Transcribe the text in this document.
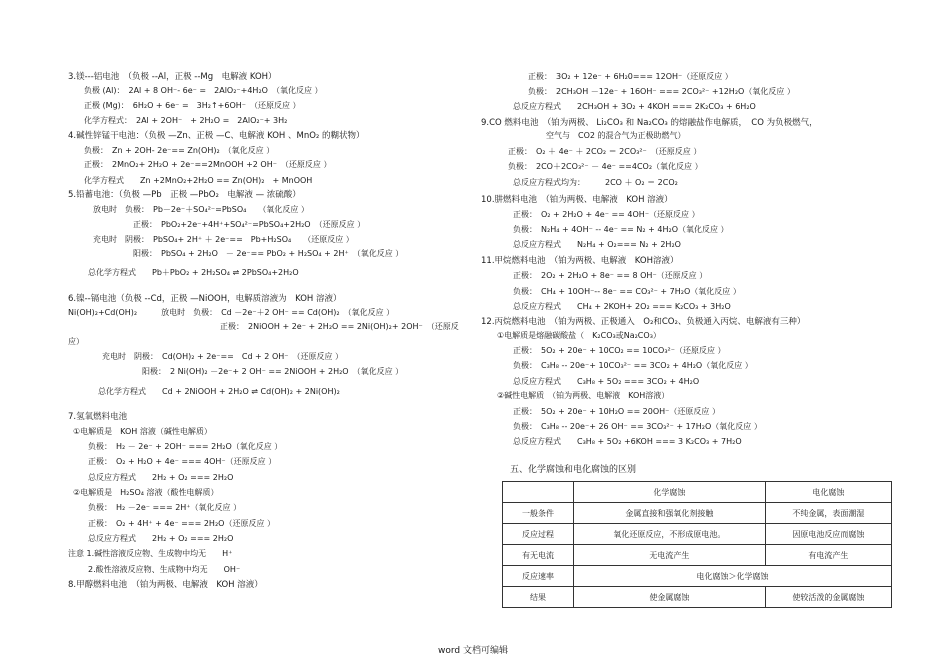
3.镁---铝电池　（负极 --Al，正极 --Mg　电解液 KOH）
负极 (Al)：　2Al + 8 OH⁻- 6e⁻ =　2AlO₂⁻+4H₂O　（氧化反应 ）
正极 (Mg)：　6H₂O + 6e⁻ =　3H₂↑+6OH⁻　（还原反应 ）
化学方程式：　2Al + 2OH⁻　+ 2H₂O =　2AlO₂⁻+ 3H₂
4.碱性锌锰干电池：（负极 —Zn、正极 —C、电解液 KOH 、MnO₂ 的糊状物）
负极：　Zn + 2OH- 2e⁻== Zn(OH)₂　（氧化反应 ）
正极：　2MnO₂+ 2H₂O + 2e⁻==2MnOOH +2 OH⁻　（还原反应 ）
化学方程式　　Zn +2MnO₂+2H₂O == Zn(OH)₂　+ MnOOH
5.铅蓄电池：（负极 —Pb　正极 —PbO₂　电解液 — 浓硫酸）
放电时　负极：　Pb－2e⁻＋SO₄²⁻=PbSO₄　　（氧化反应 ）
正极：　PbO₂+2e⁻+4H⁺+SO₄²⁻=PbSO₄+2H₂O　（还原反应 ）
充电时　阴极：　PbSO₄+ 2H⁺ ＋ 2e⁻==　Pb+H₂SO₄　　（还原反应 ）
阳极：　PbSO₄ + 2H₂O　－ 2e⁻== PbO₂ + H₂SO₄ + 2H⁺　（氧化反应 ）
总化学方程式　　Pb＋PbO₂ + 2H₂SO₄ ⇌ 2PbSO₄+2H₂O
6.镍--镉电池（负极 --Cd，正极 —NiOOH，电解质溶液为　KOH 溶液）
Ni(OH)₂+Cd(OH)₂　　　放电时　负极：　Cd －2e⁻＋2 OH⁻ == Cd(OH)₂　（氧化反应 ）
正极：　2NiOOH + 2e⁻ + 2H₂O == 2Ni(OH)₂+ 2OH⁻　（还原反
应）
充电时　阴极：　Cd(OH)₂ + 2e⁻==　Cd + 2 OH⁻　（还原反应 ）
阳极：　2 Ni(OH)₂ －2e⁻+ 2 OH⁻ == 2NiOOH + 2H₂O　（氧化反应 ）
总化学方程式　　Cd + 2NiOOH + 2H₂O ⇌ Cd(OH)₂ + 2Ni(OH)₂
7.氢氧燃料电池
①电解质是　KOH 溶液（碱性电解质）
负极：　H₂ － 2e⁻ + 2OH⁻ === 2H₂O（氧化反应 ）
正极：　O₂ + H₂O + 4e⁻ === 4OH⁻（还原反应 ）
总反应方程式　　2H₂ + O₂ === 2H₂O
②电解质是　H₂SO₄ 溶液（酸性电解质）
负极：　H₂ －2e⁻ === 2H⁺（氧化反应 ）
正极：　O₂ + 4H⁺ + 4e⁻ === 2H₂O（还原反应 ）
总反应方程式　　2H₂ + O₂ === 2H₂O
注意 1.碱性溶液反应物、生成物中均无　　H⁺
2.酸性溶液反应物、生成物中均无　　OH⁻
8.甲醇燃料电池　（铂为两极、电解液　KOH 溶液）
正极：　3O₂ + 12e⁻ + 6H₂0=== 12OH⁻（还原反应 ）
负极：　2CH₃OH －12e⁻ + 16OH⁻ === 2CO₃²⁻ +12H₂O（氧化反应 ）
总反应方程式　　2CH₃OH + 3O₂ + 4KOH === 2K₂CO₃ + 6H₂O
9.CO 燃料电池　（铂为两极、 Li₂CO₃ 和 Na₂CO₃ 的熔融盐作电解质，　CO 为负极燃气，
空气与　CO2 的混合气为正极助燃气）
正极：　O₂ ＋ 4e⁻ ＋ 2CO₂ ＝ 2CO₃²⁻　（还原反应 ）
负极：　2CO＋2CO₃²⁻ － 4e⁻ ==4CO₂（氧化反应 ）
总反应方程式均为：　　　2CO ＋ O₂ ＝ 2CO₂
10.肼燃料电池　（铂为两极、电解液　KOH 溶液）
正极：　O₂ + 2H₂O + 4e⁻ == 4OH⁻（还原反应 ）
负极：　N₂H₄ + 4OH⁻ -- 4e⁻ == N₂ + 4H₂O（氧化反应 ）
总反应方程式　　N₂H₄ + O₂=== N₂ + 2H₂O
11.甲烷燃料电池　（铂为两极、电解液　KOH溶液）
正极：　2O₂ + 2H₂O + 8e⁻ == 8 OH⁻（还原反应 ）
负极：　CH₄ + 10OH⁻-- 8e⁻ == CO₃²⁻ + 7H₂O（氧化反应 ）
总反应方程式　　CH₄ + 2KOH+ 2O₂ === K₂CO₃ + 3H₂O
12.丙烷燃料电池　（铂为两极、正极通入　O₂和CO₂、负极通入丙烷、电解液有三种）
①电解质是熔融碳酸盐（　K₂CO₃或Na₂CO₃）
正极：　5O₂ + 20e⁻ + 10CO₂ == 10CO₃²⁻（还原反应 ）
负极：　C₃H₈ -- 20e⁻+ 10CO₃²⁻ == 3CO₂ + 4H₂O（氧化反应 ）
总反应方程式　　C₃H₈ + 5O₂ === 3CO₂ + 4H₂O
②碱性电解质　（铂为两极、电解液　KOH溶液）
正极：　5O₂ + 20e⁻ + 10H₂O == 20OH⁻（还原反应 ）
负极：　C₃H₈ -- 20e⁻+ 26 OH⁻ == 3CO₃²⁻ + 17H₂O（氧化反应 ）
总反应方程式　　C₃H₈ + 5O₂ +6KOH === 3 K₂CO₃ + 7H₂O
五、化学腐蚀和电化腐蚀的区别
	化学腐蚀	电化腐蚀
一般条件	金属直接和强氧化剂接触	不纯金属，表面潮湿
反应过程	氧化还原反应，不形成原电池。	因原电池反应而腐蚀
有无电流	无电流产生	有电流产生
反应速率	电化腐蚀＞化学腐蚀	
结果	使金属腐蚀	使较活泼的金属腐蚀
word 文档可编辑
